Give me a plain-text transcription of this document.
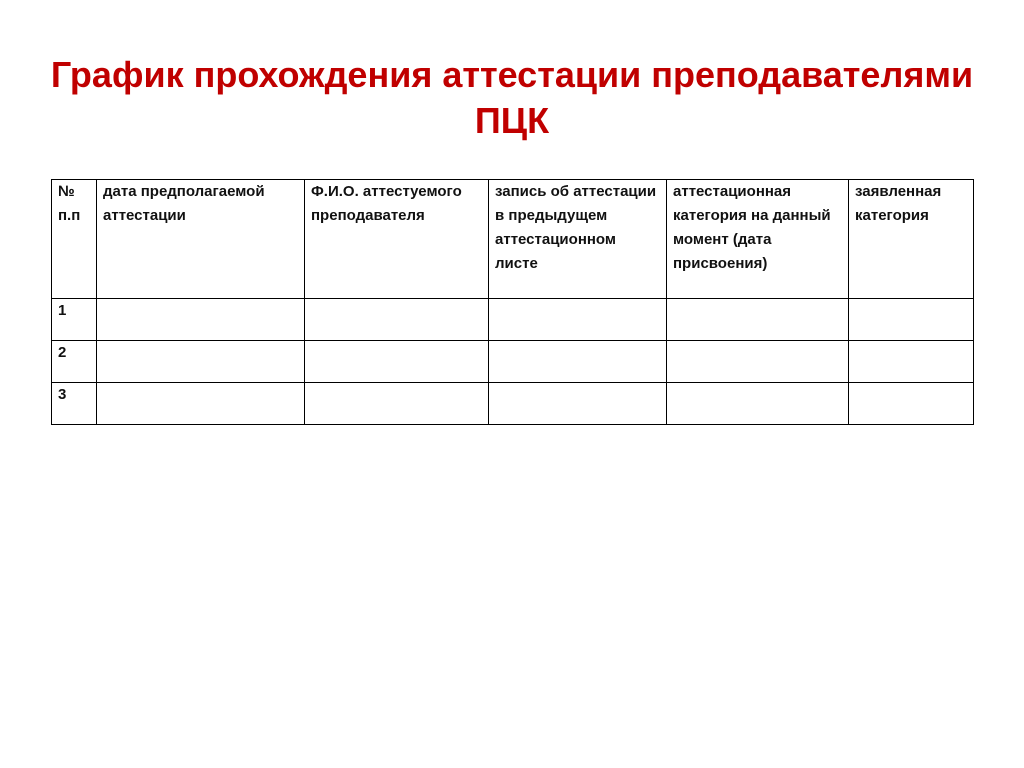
График прохождения аттестации преподавателями
ПЦК
№ п.п	дата предполагаемой аттестации	Ф.И.О. аттестуемого преподавателя	запись об аттестации в предыдущем аттестационном листе	аттестационная категория на данный момент (дата присвоения)	заявленная категория
1					
2					
3					
